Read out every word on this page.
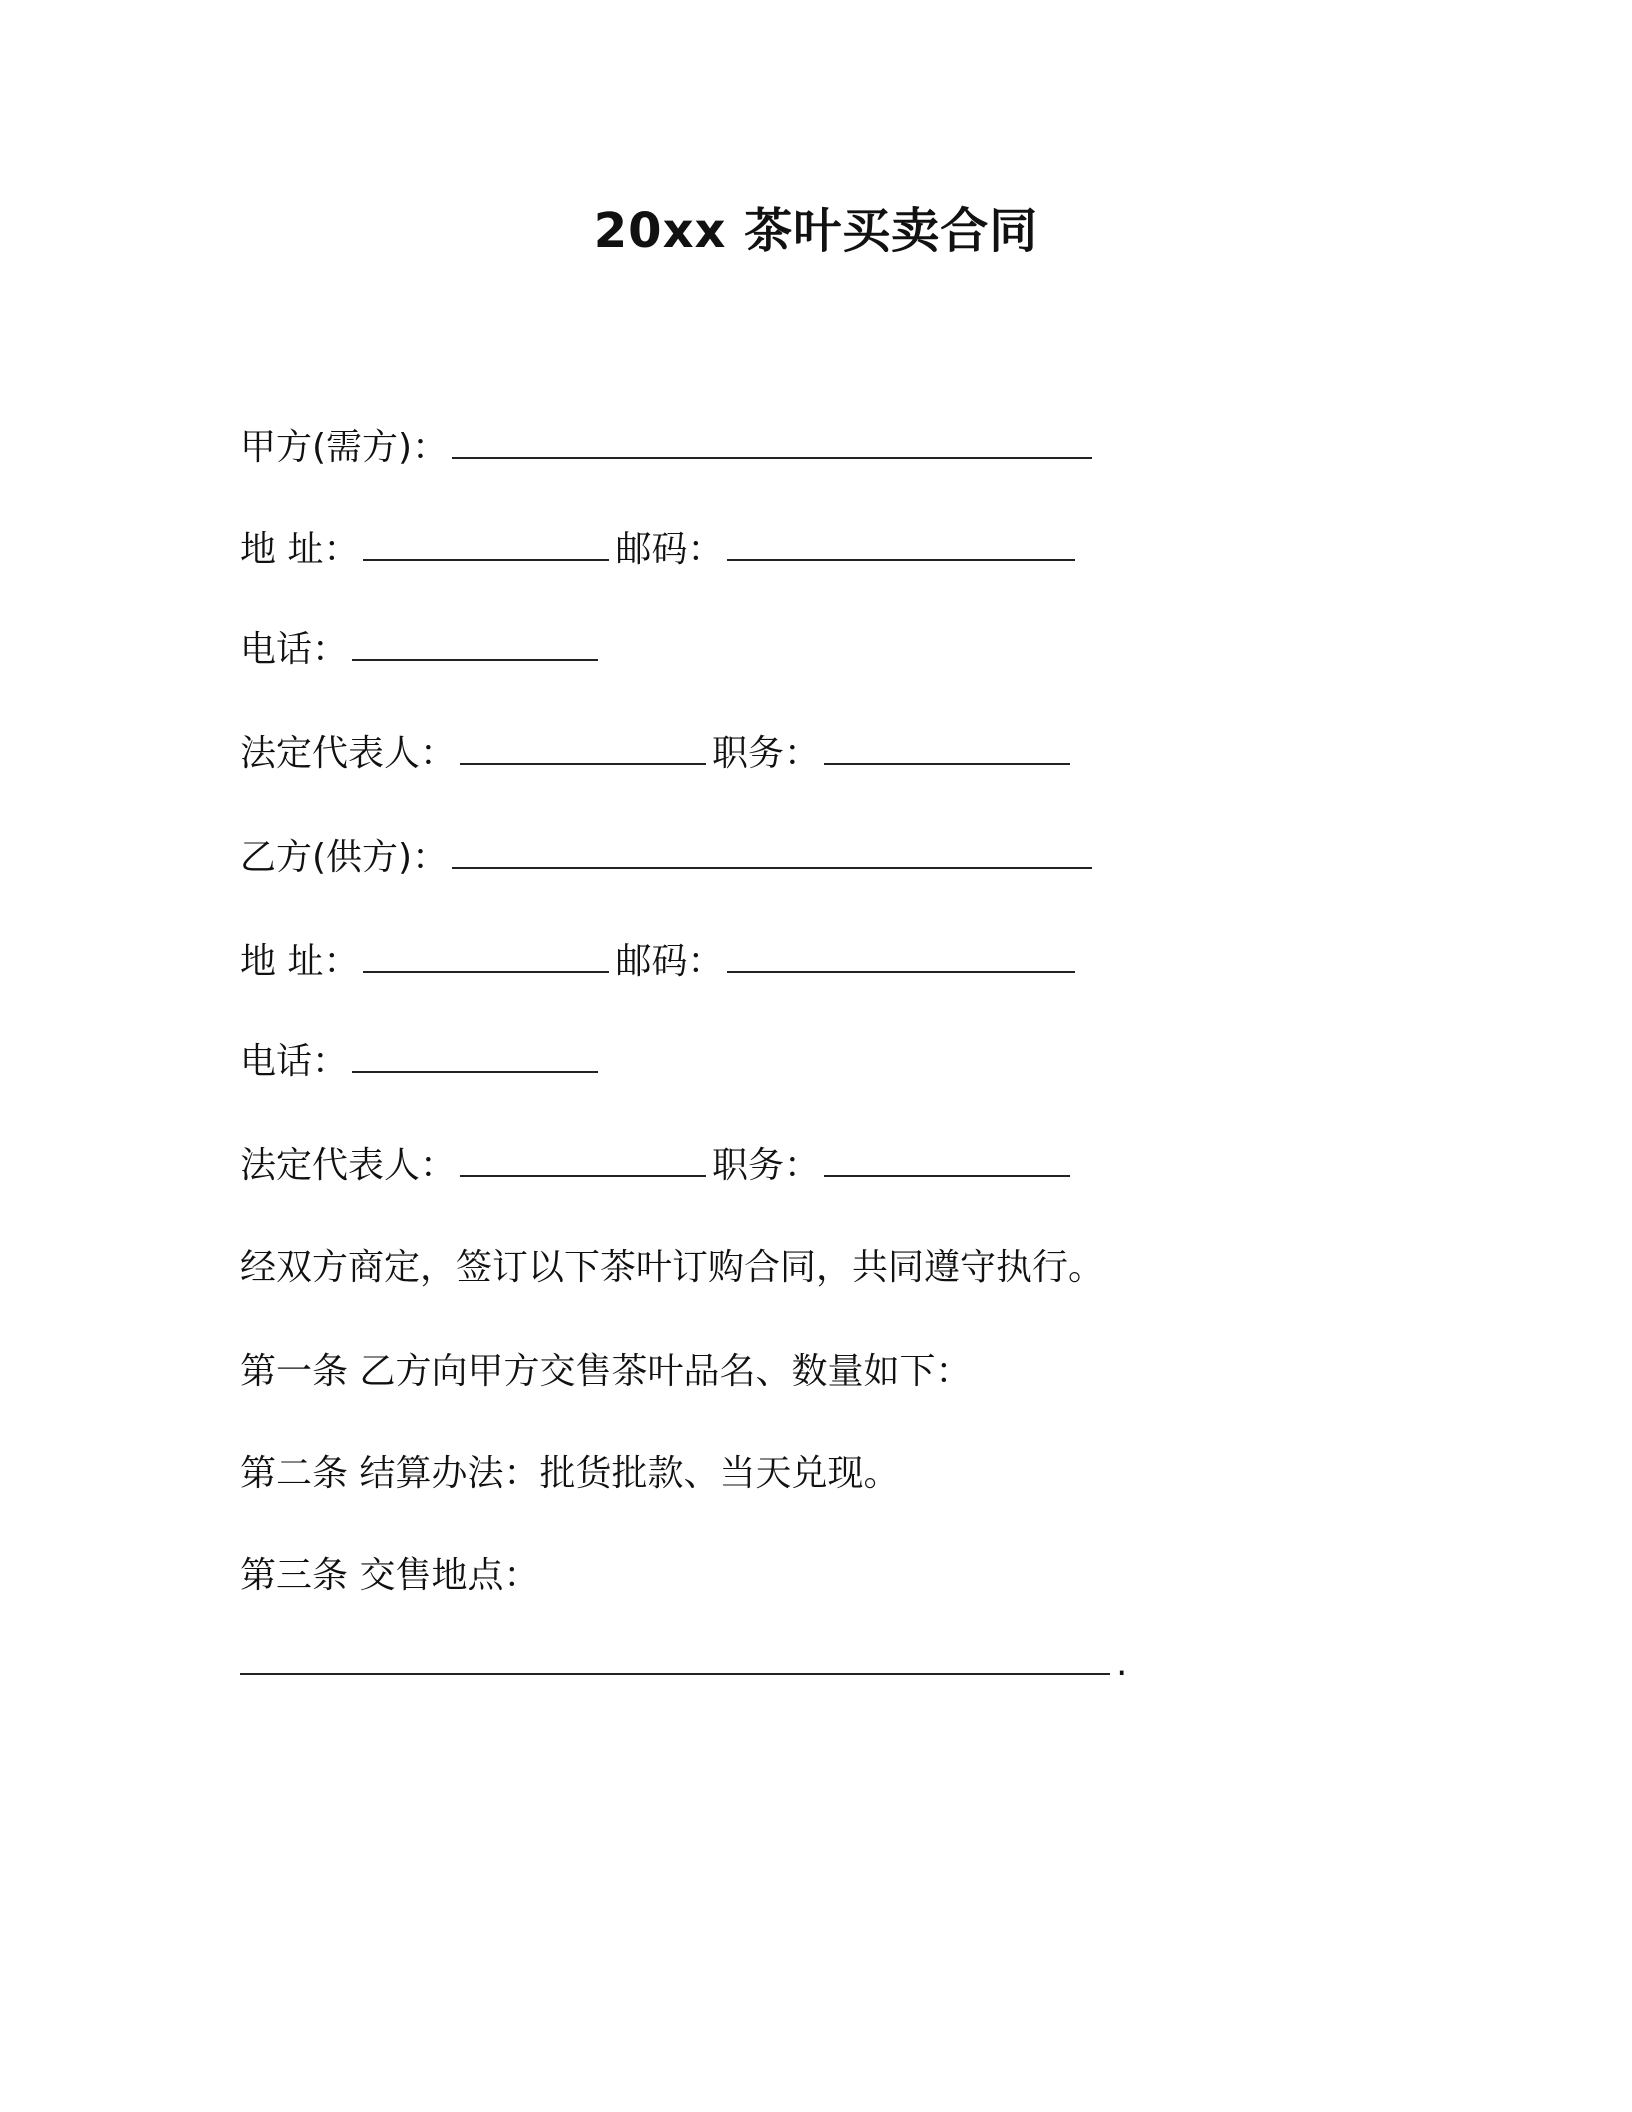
20xx 茶叶买卖合同
甲方(需方)：
地 址：	邮码：
电话：
法定代表人：	职务：
乙方(供方)：
地 址：	邮码：
电话：
法定代表人：	职务：
经双方商定，签订以下茶叶订购合同，共同遵守执行。
第一条 乙方向甲方交售茶叶品名、数量如下：
第二条 结算办法：批货批款、当天兑现。
第三条 交售地点：
.
